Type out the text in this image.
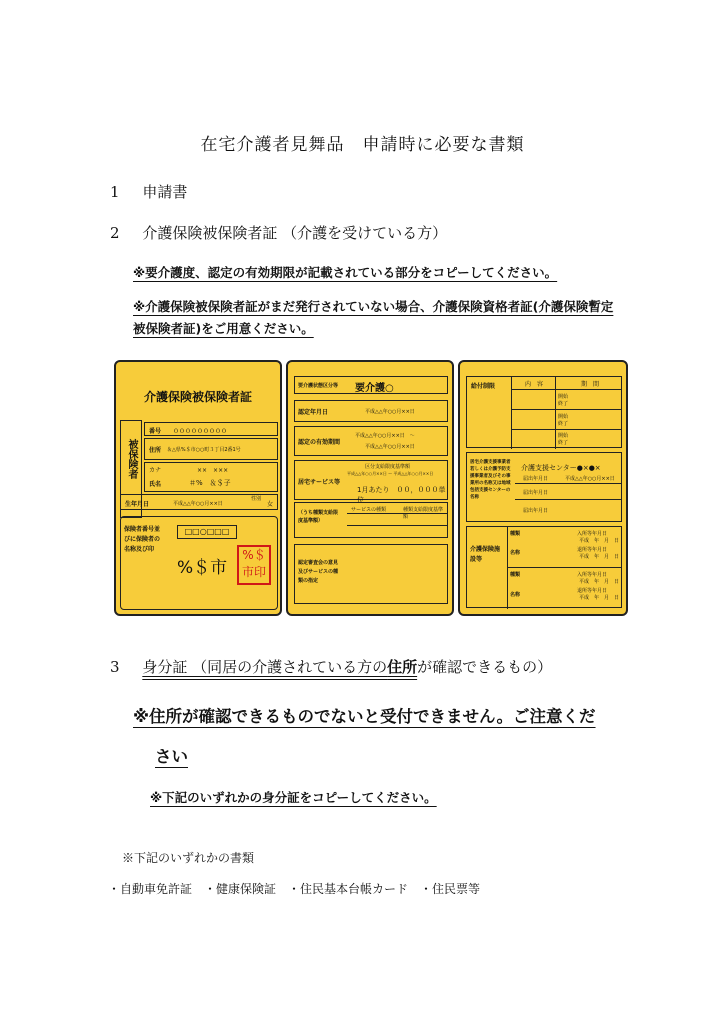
在宅介護者見舞品　申請時に必要な書類
1 申請書
2 介護保険被保険者証 （介護を受けている方）
※要介護度、認定の有効期限が記載されている部分をコピーしてください。
※介護保険被保険者証がまだ発行されていない場合、介護保険資格者証(介護保険暫定
被保険者証)をご用意ください。
介護保険被保険者証
被保険者
番号 ０００００００００
住所 ＆△県%＄市○○町３丁目2番1号
カナ	××　×××
氏名	＃%　＆＄子
生年月日	平成△△年○○月××日
性別
女
保険者番号並びに保険者の名称及び印
□□○□□□
%＄市
%＄
市印
要介護状態区分等 要介護○
認定年月日	平成△△年○○月××日
認定の有効期間
平成△△年○○月××日　～
平成△△年○○月××日
居宅サービス等
区分支給限度基準額
平成△△年○○月××日 ～ 平成△△年○○月××日
1月あたり　００，０００単位
（うち種類支給限度基準額）
サービスの種類	種類支給限度基準額
認定審査会の意見及びサービスの種類の指定
給付制限	内　容	期　間
開始
終了
開始
終了
開始
終了
居宅介護支援事業者若しくは介護予防支援事業者及びその事業所の名称又は地域包括支援センターの名称
介護支援センター●×●×
届出年月日	平成△△年○○月××日
届出年月日
届出年月日
介護保険施設等
種類
名称
入所等年月日
平成　年　月　日
退所等年月日
平成　年　月　日
種類
名称
入所等年月日
平成　年　月　日
退所等年月日
平成　年　月　日
3 身分証 （同居の介護されている方の住所が確認できるもの）
※住所が確認できるものでないと受付できません。ご注意くだ
さい
※下記のいずれかの身分証をコピーしてください。
※下記のいずれかの書類
・自動車免許証　・健康保険証　・住民基本台帳カード　・住民票等
